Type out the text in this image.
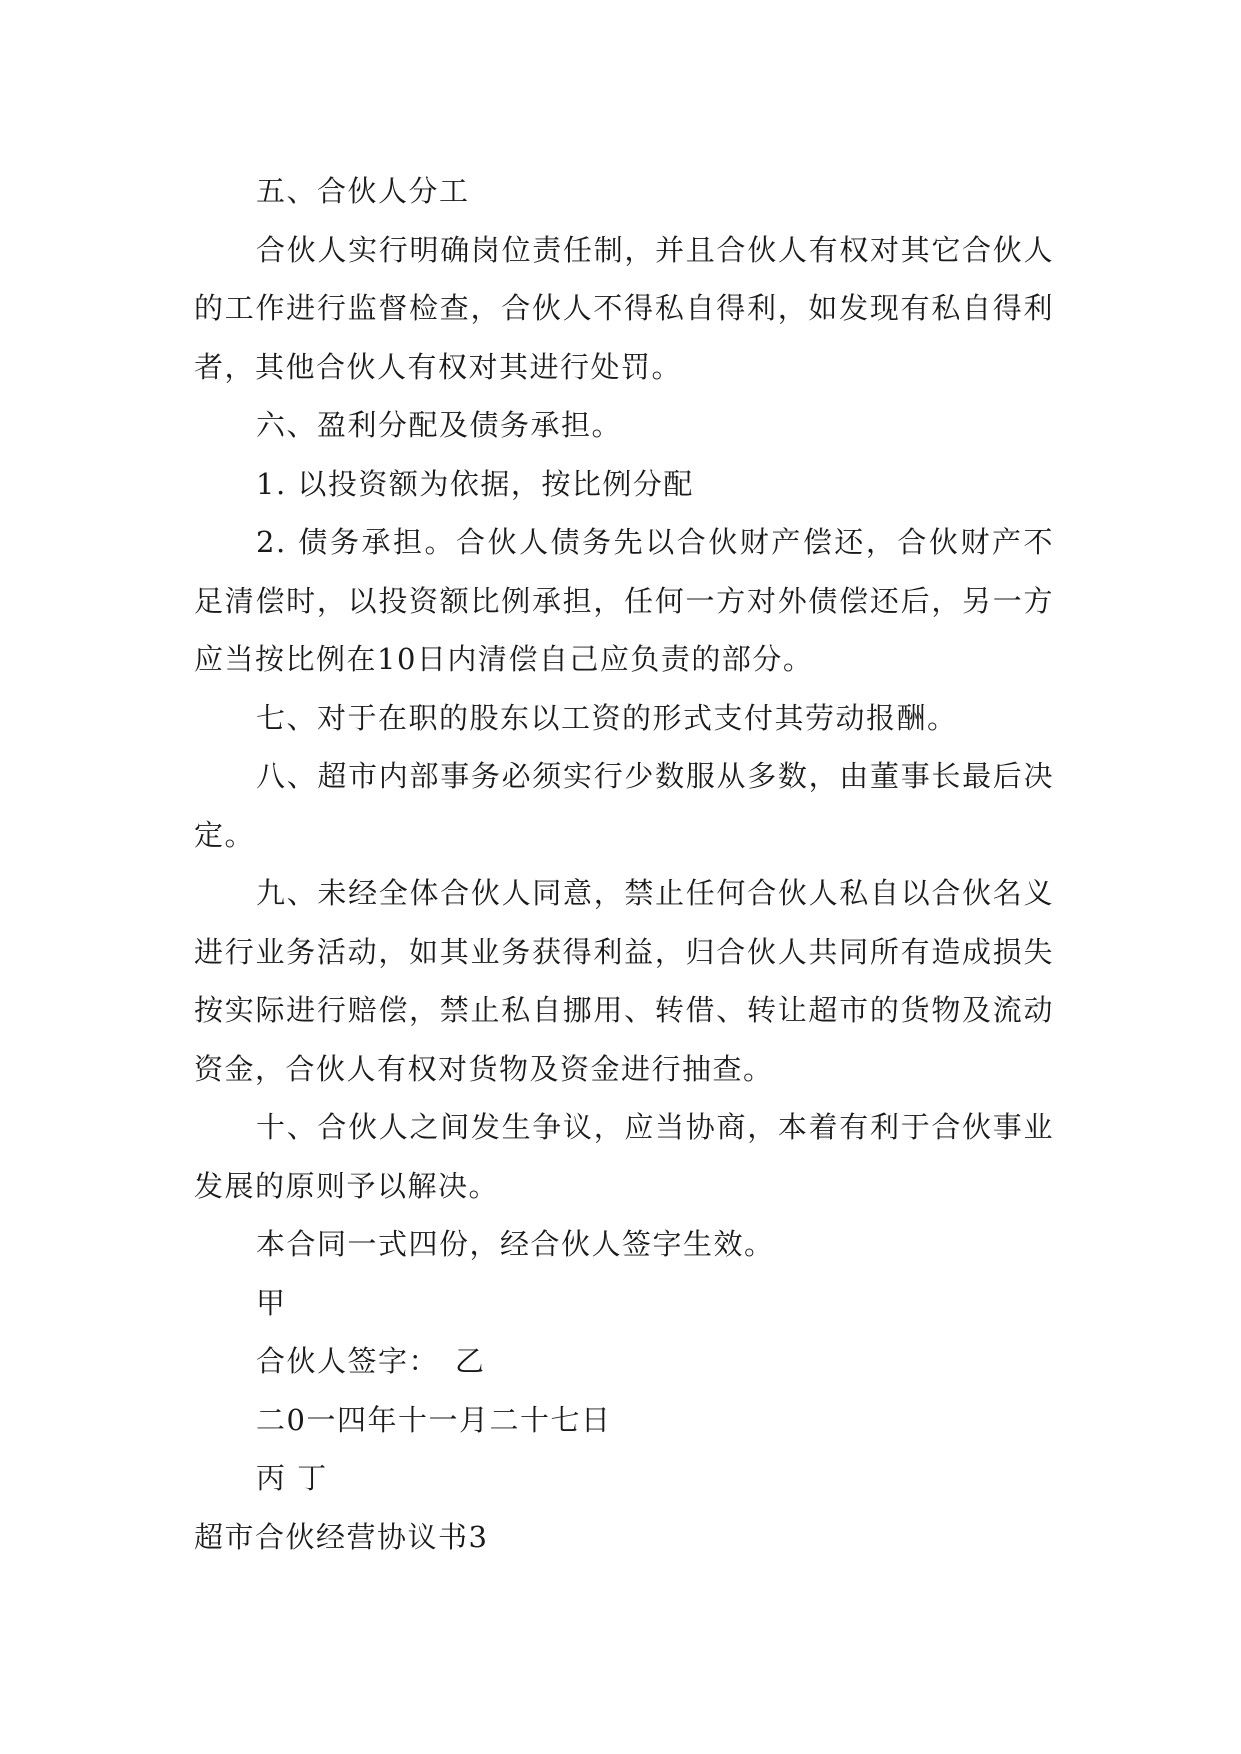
五、合伙人分工

合伙人实行明确岗位责任制，并且合伙人有权对其它合伙人的工作进行监督检查，合伙人不得私自得利，如发现有私自得利者，其他合伙人有权对其进行处罚。

六、盈利分配及债务承担。

1. 以投资额为依据，按比例分配

2. 债务承担。合伙人债务先以合伙财产偿还，合伙财产不足清偿时，以投资额比例承担，任何一方对外债偿还后，另一方应当按比例在10日内清偿自己应负责的部分。

七、对于在职的股东以工资的形式支付其劳动报酬。

八、超市内部事务必须实行少数服从多数，由董事长最后决定。

九、未经全体合伙人同意，禁止任何合伙人私自以合伙名义进行业务活动，如其业务获得利益，归合伙人共同所有造成损失按实际进行赔偿，禁止私自挪用、转借、转让超市的货物及流动资金，合伙人有权对货物及资金进行抽查。

十、合伙人之间发生争议，应当协商，本着有利于合伙事业发展的原则予以解决。

本合同一式四份，经合伙人签字生效。

甲

合伙人签字：　乙

二0一四年十一月二十七日

丙 丁

超市合伙经营协议书3
